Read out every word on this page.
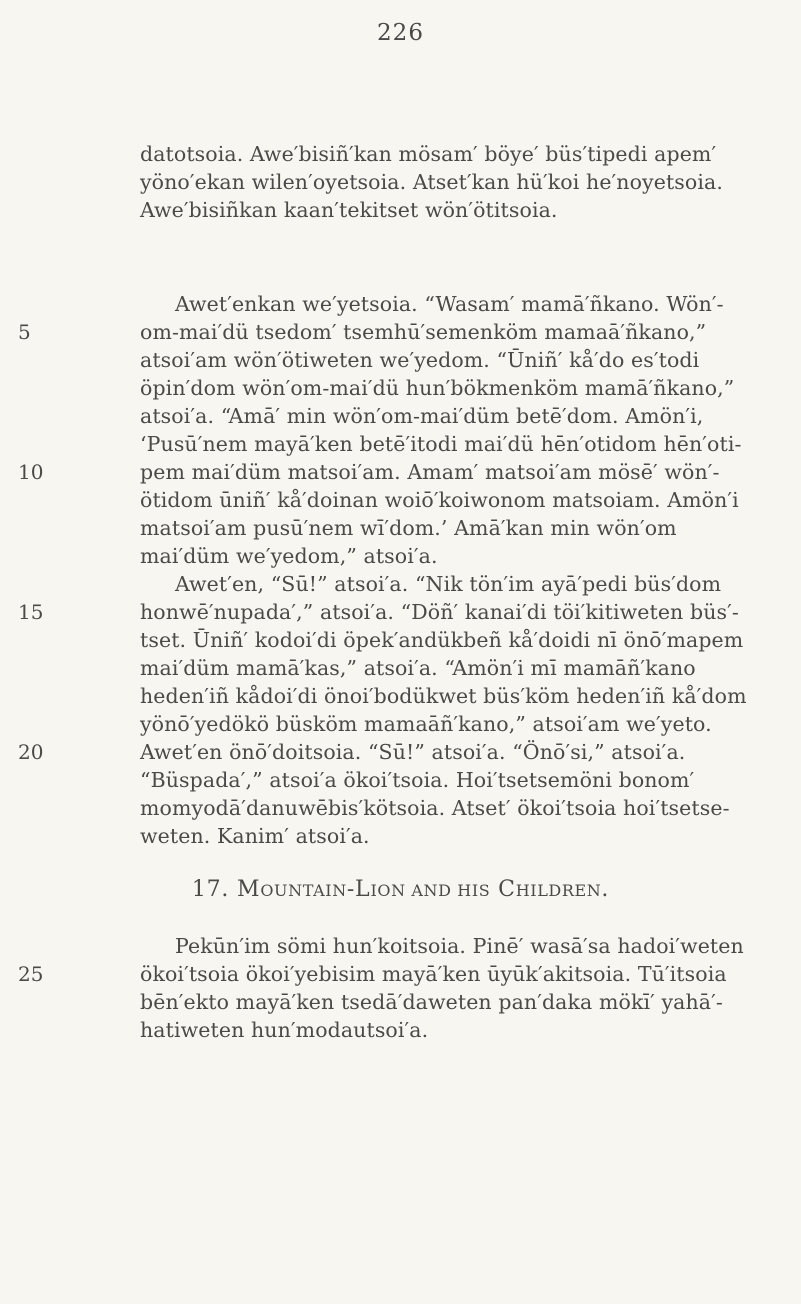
226
datotsoia. Awe′bisiñ′kan mösam′ böye′ büs′tipedi apem′
yöno′ekan wilen′oyetsoia. Atset′kan hü′koi he′noyetsoia.
Awe′bisiñkan kaan′tekitset wön′ötitsoia.
Awet′enkan we′yetsoia. “Wasam′ mamā′ñkano. Wön′-
5	om-mai′dü tsedom′ tsemhū′semenköm mamaā′ñkano,”
atsoi′am wön′ötiweten we′yedom. “Ūniñ′ kå′do es′todi
öpin′dom wön′om-mai′dü hun′bökmenköm mamā′ñkano,”
atsoi′a. “Amā′ min wön′om-mai′düm betē′dom. Amön′i,
‘Pusū′nem mayā′ken betē′itodi mai′dü hēn′otidom hēn′oti-
10	pem mai′düm matsoi′am. Amam′ matsoi′am mösē′ wön′-
ötidom ūniñ′ kå′doinan woiō′koiwonom matsoiam. Amön′i
matsoi′am pusū′nem wī′dom.’ Amā′kan min wön′om
mai′düm we′yedom,” atsoi′a.
Awet′en, “Sū!” atsoi′a. “Nik tön′im ayā′pedi büs′dom
15	honwē′nupada′,” atsoi′a. “Döñ′ kanai′di töi′kitiweten büs′-
tset. Ūniñ′ kodoi′di öpek′andükbeñ kå′doidi nī önō′mapem
mai′düm mamā′kas,” atsoi′a. “Amön′i mī mamāñ′kano
heden′iñ kådoi′di önoi′bodükwet büs′köm heden′iñ kå′dom
yönō′yedökö büsköm mamaāñ′kano,” atsoi′am we′yeto.
20	Awet′en önō′doitsoia. “Sū!” atsoi′a. “Önō′si,” atsoi′a.
“Büspada′,” atsoi′a ökoi′tsoia. Hoi′tsetsemöni bonom′
momyodā′danuwēbis′kötsoia. Atset′ ökoi′tsoia hoi′tsetse-
weten. Kanim′ atsoi′a.
17. MOUNTAIN-LION AND HIS CHILDREN.
Pekūn′im sömi hun′koitsoia. Pinē′ wasā′sa hadoi′weten
25	ökoi′tsoia ökoi′yebisim mayā′ken ūyūk′akitsoia. Tū′itsoia
bēn′ekto mayā′ken tsedā′daweten pan′daka mökī′ yahā′-
hatiweten hun′modautsoi′a.
